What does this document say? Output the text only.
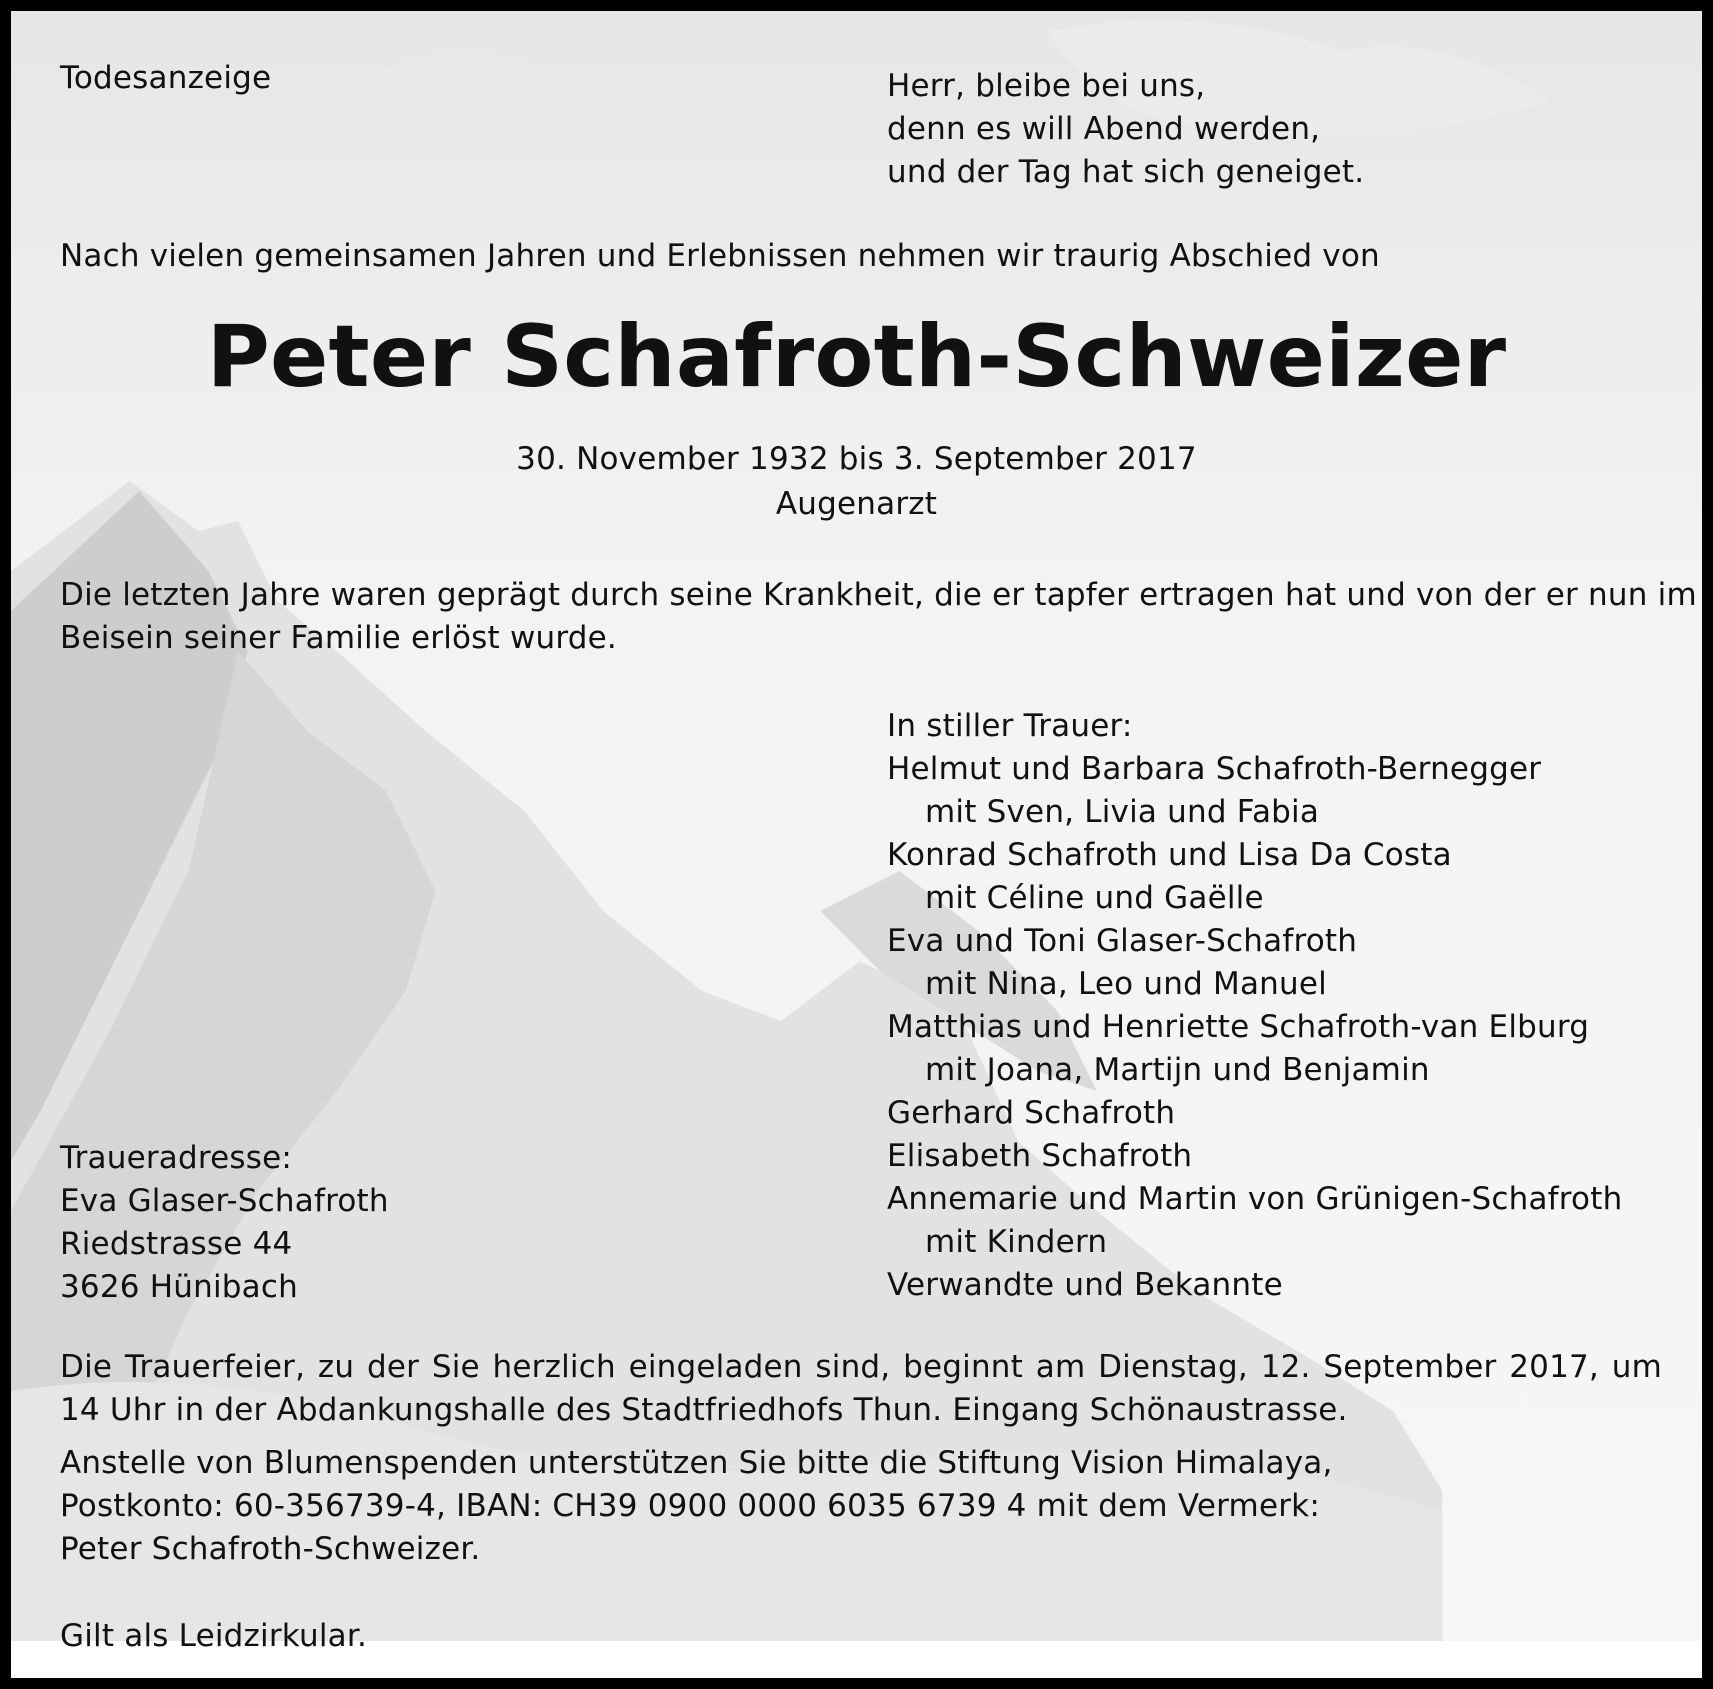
Todesanzeige	Herr, bleibe bei uns,
denn es will Abend werden,
und der Tag hat sich geneiget.
Nach vielen gemeinsamen Jahren und Erlebnissen nehmen wir traurig Abschied von
Peter Schafroth-Schweizer
30. November 1932 bis 3. September 2017
Augenarzt
Die letzten Jahre waren geprägt durch seine Krankheit, die er tapfer ertragen hat und von der er nun im
Beisein seiner Familie erlöst wurde.
In stiller Trauer:
Helmut und Barbara Schafroth-Bernegger
mit Sven, Livia und Fabia
Konrad Schafroth und Lisa Da Costa
mit Céline und Gaëlle
Eva und Toni Glaser-Schafroth
mit Nina, Leo und Manuel
Matthias und Henriette Schafroth-van Elburg
mit Joana, Martijn und Benjamin
Gerhard Schafroth
Elisabeth Schafroth
Annemarie und Martin von Grünigen-Schafroth
mit Kindern
Verwandte und Bekannte
Traueradresse:
Eva Glaser-Schafroth
Riedstrasse 44
3626 Hünibach
Die Trauerfeier, zu der Sie herzlich eingeladen sind, beginnt am Dienstag, 12. September 2017, um 14 Uhr in der Abdankungshalle des Stadtfriedhofs Thun. Eingang Schönaustrasse.
Anstelle von Blumenspenden unterstützen Sie bitte die Stiftung Vision Himalaya,
Postkonto: 60-356739-4, IBAN: CH39 0900 0000 6035 6739 4 mit dem Vermerk:
Peter Schafroth-Schweizer.
Gilt als Leidzirkular.
